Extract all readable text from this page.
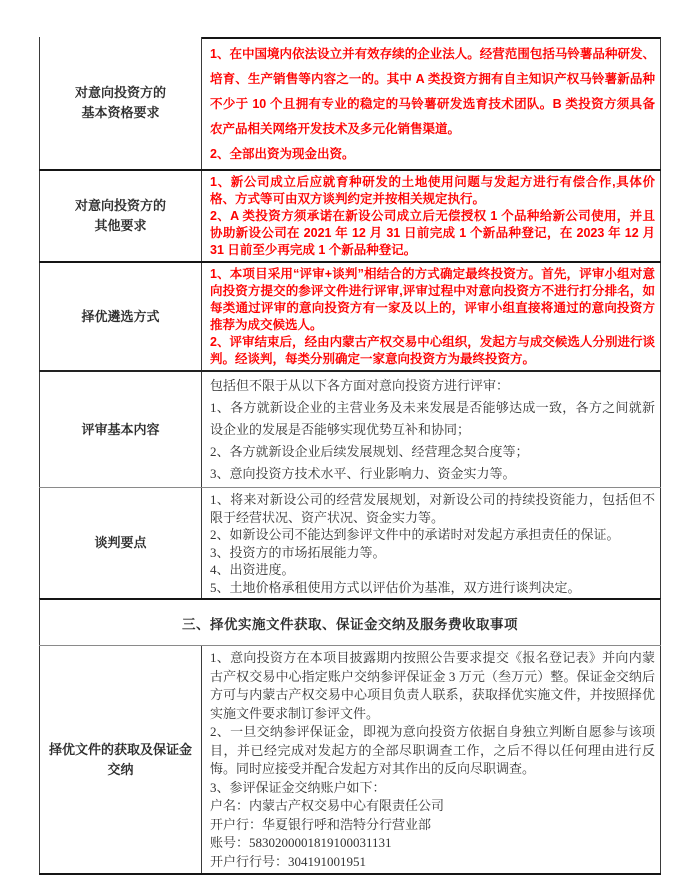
对意向投资方的
基本资格要求
1、在中国境内依法设立并有效存续的企业法人。经营范围包括马铃薯品种研发、培育、生产销售等内容之一的。其中 A 类投资方拥有自主知识产权马铃薯新品种不少于 10 个且拥有专业的稳定的马铃薯研发选育技术团队。B 类投资方须具备农产品相关网络开发技术及多元化销售渠道。
2、全部出资为现金出资。
对意向投资方的
其他要求
1、新公司成立后应就育种研发的土地使用问题与发起方进行有偿合作,具体价格、方式等可由双方谈判约定并按相关规定执行。
2、A 类投资方须承诺在新设公司成立后无偿授权 1 个品种给新公司使用，并且协助新设公司在 2021 年 12 月 31 日前完成 1 个新品种登记，在 2023 年 12 月 31 日前至少再完成 1 个新品种登记。
择优遴选方式
1、本项目采用“评审+谈判”相结合的方式确定最终投资方。首先，评审小组对意向投资方提交的参评文件进行评审,评审过程中对意向投资方不进行打分排名，如每类通过评审的意向投资方有一家及以上的，评审小组直接将通过的意向投资方推荐为成交候选人。
2、评审结束后，经由内蒙古产权交易中心组织，发起方与成交候选人分别进行谈判。经谈判，每类分别确定一家意向投资方为最终投资方。
评审基本内容
包括但不限于从以下各方面对意向投资方进行评审：
1、各方就新设企业的主营业务及未来发展是否能够达成一致，各方之间就新设企业的发展是否能够实现优势互补和协同；
2、各方就新设企业后续发展规划、经营理念契合度等；
3、意向投资方技术水平、行业影响力、资金实力等。
谈判要点
1、将来对新设公司的经营发展规划，对新设公司的持续投资能力，包括但不限于经营状况、资产状况、资金实力等。
2、如新设公司不能达到参评文件中的承诺时对发起方承担责任的保证。
3、投资方的市场拓展能力等。
4、出资进度。
5、土地价格承租使用方式以评估价为基准，双方进行谈判决定。
三、择优实施文件获取、保证金交纳及服务费收取事项
择优文件的获取及保证金
交纳
1、意向投资方在本项目披露期内按照公告要求提交《报名登记表》并向内蒙古产权交易中心指定账户交纳参评保证金 3 万元（叁万元）整。保证金交纳后方可与内蒙古产权交易中心项目负责人联系，获取择优实施文件，并按照择优实施文件要求制订参评文件。
2、一旦交纳参评保证金，即视为意向投资方依据自身独立判断自愿参与该项目，并已经完成对发起方的全部尽职调查工作，之后不得以任何理由进行反悔。同时应接受并配合发起方对其作出的反向尽职调查。
3、参评保证金交纳账户如下：
户名：内蒙古产权交易中心有限责任公司
开户行：华夏银行呼和浩特分行营业部
账号：5830200001819100031131
开户行行号：304191001951
